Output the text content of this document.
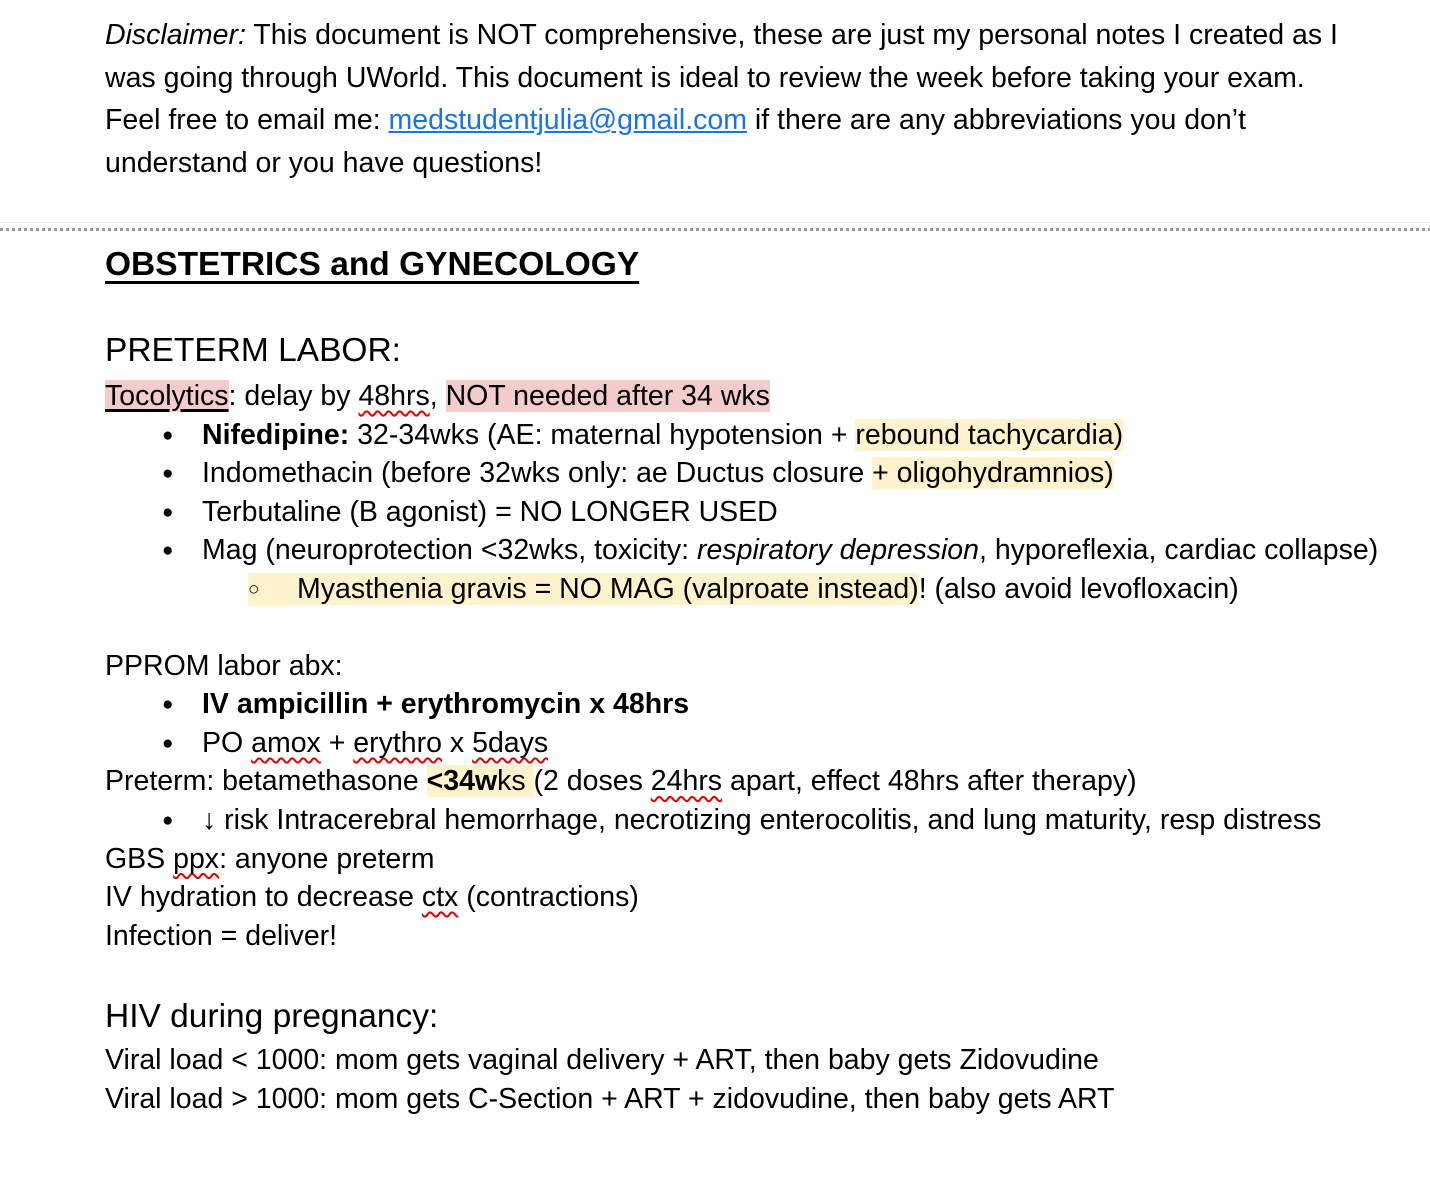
Disclaimer: This document is NOT comprehensive, these are just my personal notes I created as I was going through UWorld. This document is ideal to review the week before taking your exam. Feel free to email me: medstudentjulia@gmail.com if there are any abbreviations you don’t understand or you have questions!

OBSTETRICS and GYNECOLOGY
PRETERM LABOR:

Tocolytics: delay by 48hrs, NOT needed after 34 wks

● Nifedipine: 32-34wks (AE: maternal hypotension + rebound tachycardia)
● Indomethacin (before 32wks only: ae Ductus closure + oligohydramnios)
● Terbutaline (B agonist) = NO LONGER USED
● Mag (neuroprotection <32wks, toxicity: respiratory depression, hyporeflexia, cardiac collapse)
○	Myasthenia gravis = NO MAG (valproate instead)! (also avoid levofloxacin)

PPROM labor abx:

● IV ampicillin + erythromycin x 48hrs
● PO amox + erythro x 5days

Preterm: betamethasone <34wks (2 doses 24hrs apart, effect 48hrs after therapy)

● ↓ risk Intracerebral hemorrhage, necrotizing enterocolitis, and lung maturity, resp distress

GBS ppx: anyone preterm

IV hydration to decrease ctx (contractions)

Infection = deliver!

HIV during pregnancy:

Viral load < 1000: mom gets vaginal delivery + ART, then baby gets Zidovudine

Viral load > 1000: mom gets C-Section + ART + zidovudine, then baby gets ART
